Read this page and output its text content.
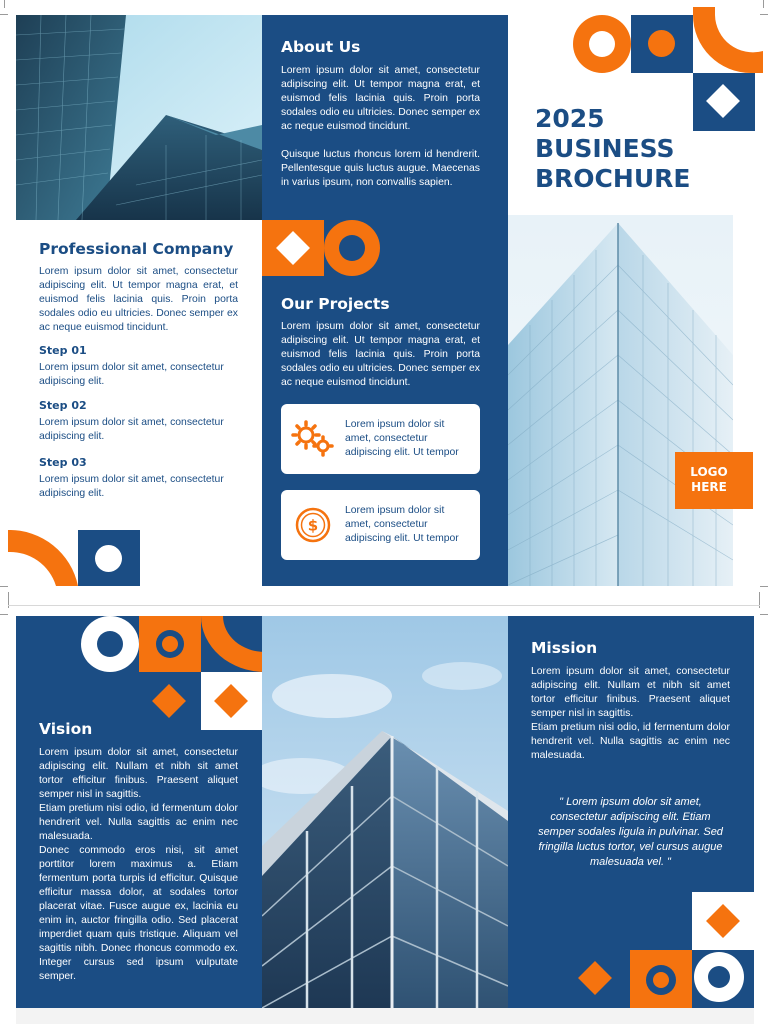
About Us
Lorem ipsum dolor sit amet, consectetur adipiscing elit. Ut tempor magna erat, et euismod felis lacinia quis. Proin porta sodales odio eu ultricies. Donec semper ex ac neque euismod tincidunt.
Quisque luctus rhoncus lorem id hendrerit. Pellentesque quis luctus augue. Maecenas in varius ipsum, non convallis sapien.
2025
BUSINESS
BROCHURE
Professional Company
Lorem ipsum dolor sit amet, consectetur adipiscing elit. Ut tempor magna erat, et euismod felis lacinia quis. Proin porta sodales odio eu ultricies. Donec semper ex ac neque euismod tincidunt.
Step 01
Lorem ipsum dolor sit amet, consectetur adipiscing elit.
Step 02
Lorem ipsum dolor sit amet, consectetur adipiscing elit.
Step 03
Lorem ipsum dolor sit amet, consectetur adipiscing elit.
Our Projects
Lorem ipsum dolor sit amet, consectetur adipiscing elit. Ut tempor magna erat, et euismod felis lacinia quis. Proin porta sodales odio eu ultricies. Donec semper ex ac neque euismod tincidunt.
Lorem ipsum dolor sit amet, consectetur adipiscing elit. Ut tempor
$
Lorem ipsum dolor sit amet, consectetur adipiscing elit. Ut tempor
LOGO
HERE
Vision
Lorem ipsum dolor sit amet, consectetur adipiscing elit. Nullam et nibh sit amet tortor efficitur finibus. Praesent aliquet semper nisl in sagittis.
Etiam pretium nisi odio, id fermentum dolor hendrerit vel. Nulla sagittis ac enim nec malesuada.
Donec commodo eros nisi, sit amet porttitor lorem maximus a. Etiam fermentum porta turpis id efficitur. Quisque efficitur massa dolor, at sodales tortor placerat vitae. Fusce augue ex, lacinia eu enim in, auctor fringilla odio. Sed placerat imperdiet quam quis tristique. Aliquam vel sagittis nibh. Donec rhoncus commodo ex. Integer cursus sed ipsum vulputate semper.
Mission
Lorem ipsum dolor sit amet, consectetur adipiscing elit. Nullam et nibh sit amet tortor efficitur finibus. Praesent aliquet semper nisl in sagittis.
Etiam pretium nisi odio, id fermentum dolor hendrerit vel. Nulla sagittis ac enim nec malesuada.
" Lorem ipsum dolor sit amet, consectetur adipiscing elit. Etiam semper sodales ligula in pulvinar. Sed fringilla luctus tortor, vel cursus augue malesuada vel. "
